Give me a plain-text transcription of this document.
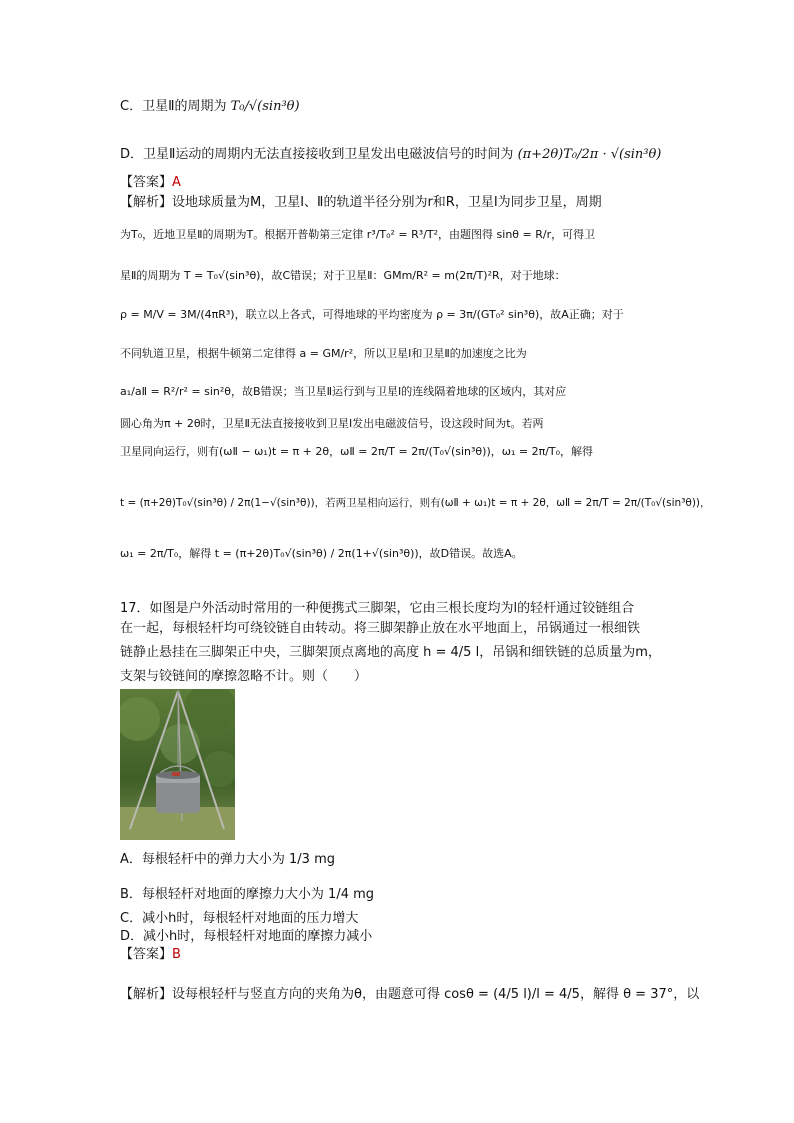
C．卫星Ⅱ的周期为 T₀/√(sin³θ)
D．卫星Ⅱ运动的周期内无法直接接收到卫星发出电磁波信号的时间为 (π+2θ)T₀/2π · √(sin³θ)
【答案】A
【解析】设地球质量为M，卫星Ⅰ、Ⅱ的轨道半径分别为r和R，卫星Ⅰ为同步卫星，周期
为T₀，近地卫星Ⅱ的周期为T。根据开普勒第三定律 r³/T₀² = R³/T²，由题图得 sinθ = R/r，可得卫
星Ⅱ的周期为 T = T₀√(sin³θ)，故C错误；对于卫星Ⅱ：GMm/R² = m(2π/T)²R，对于地球：
ρ = M/V = 3M/(4πR³)，联立以上各式，可得地球的平均密度为 ρ = 3π/(GT₀² sin³θ)，故A正确；对于
不同轨道卫星，根据牛顿第二定律得 a = GM/r²，所以卫星Ⅰ和卫星Ⅱ的加速度之比为
a₁/aⅡ = R²/r² = sin²θ，故B错误；当卫星Ⅱ运行到与卫星Ⅰ的连线隔着地球的区域内，其对应
圆心角为π + 2θ时，卫星Ⅱ无法直接接收到卫星Ⅰ发出电磁波信号，设这段时间为t。若两
卫星同向运行，则有(ωⅡ − ω₁)t = π + 2θ，ωⅡ = 2π/T = 2π/(T₀√(sin³θ))，ω₁ = 2π/T₀，解得
t = (π+2θ)T₀√(sin³θ) / 2π(1−√(sin³θ))，若两卫星相向运行，则有(ωⅡ + ω₁)t = π + 2θ，ωⅡ = 2π/T = 2π/(T₀√(sin³θ))，
ω₁ = 2π/T₀，解得 t = (π+2θ)T₀√(sin³θ) / 2π(1+√(sin³θ))，故D错误。故选A。
17．如图是户外活动时常用的一种便携式三脚架，它由三根长度均为l的轻杆通过铰链组合
在一起，每根轻杆均可绕铰链自由转动。将三脚架静止放在水平地面上，吊锅通过一根细铁
链静止悬挂在三脚架正中央，三脚架顶点离地的高度 h = 4/5 l，吊锅和细铁链的总质量为m，
支架与铰链间的摩擦忽略不计。则（　　）
A．每根轻杆中的弹力大小为 1/3 mg
B．每根轻杆对地面的摩擦力大小为 1/4 mg
C．减小h时，每根轻杆对地面的压力增大
D．减小h时，每根轻杆对地面的摩擦力减小
【答案】B
【解析】设每根轻杆与竖直方向的夹角为θ，由题意可得 cosθ = (4/5 l)/l = 4/5，解得 θ = 37°，以
